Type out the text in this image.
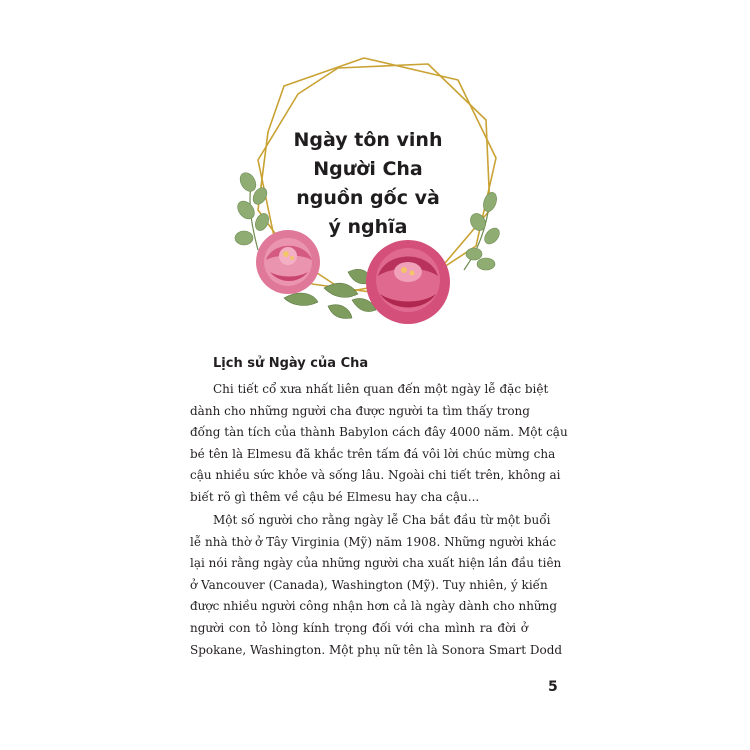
Ngày tôn vinh
Người Cha
nguồn gốc và
ý nghĩa
Lịch sử Ngày của Cha
Chi tiết cổ xưa nhất liên quan đến một ngày lễ đặc biệt
dành cho những người cha được người ta tìm thấy trong
đống tàn tích của thành Babylon cách đây 4000 năm. Một cậu
bé tên là Elmesu đã khắc trên tấm đá vôi lời chúc mừng cha
cậu nhiều sức khỏe và sống lâu. Ngoài chi tiết trên, không ai
biết rõ gì thêm về cậu bé Elmesu hay cha cậu...
Một số người cho rằng ngày lễ Cha bắt đầu từ một buổi
lễ nhà thờ ở Tây Virginia (Mỹ) năm 1908. Những người khác
lại nói rằng ngày của những người cha xuất hiện lần đầu tiên
ở Vancouver (Canada), Washington (Mỹ). Tuy nhiên, ý kiến
được nhiều người công nhận hơn cả là ngày dành cho những
người con tỏ lòng kính trọng đối với cha mình ra đời ở
Spokane, Washington. Một phụ nữ tên là Sonora Smart Dodd
5
